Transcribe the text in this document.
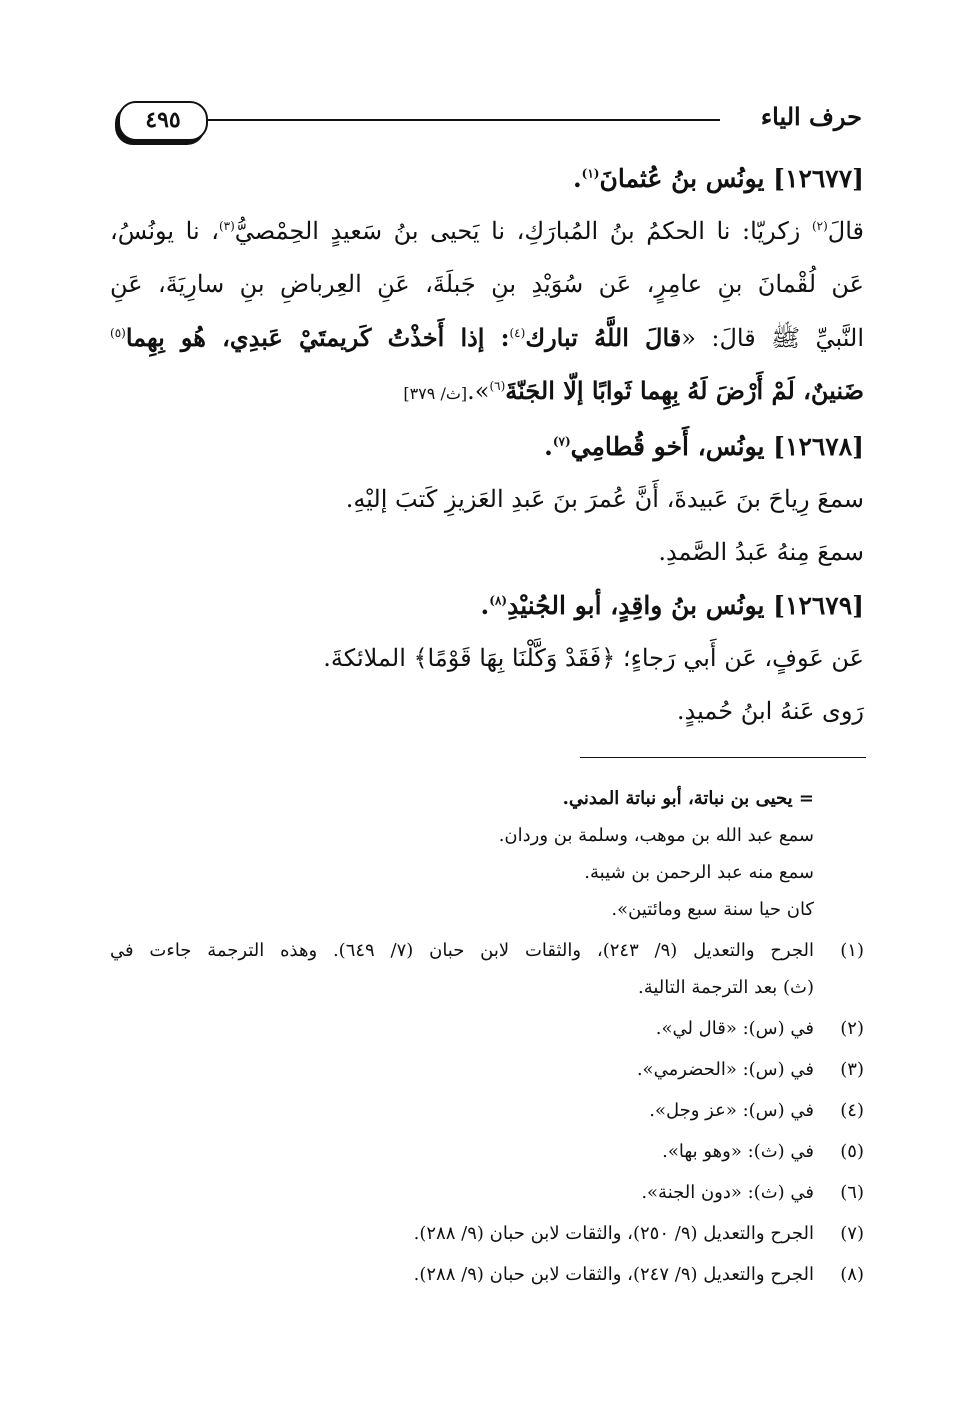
حرف الياء
٤٩٥
[١٢٦٧٧] يونُس بنُ عُثمانَ$^{(١)}$.
قالَ$^{(٢)}$ زكريّا: نا الحكمُ بنُ المُبارَكِ، نا يَحيى بنُ سَعيدٍ الحِمْصيُّ$^{(٣)}$، نا يونُسُ،
عَن لُقْمانَ بنِ عامِرٍ، عَن سُوَيْدِ بنِ جَبلَةَ، عَنِ العِرباضِ بنِ سارِيَةَ، عَنِ
النَّبيِّ ﷺ قالَ: «قالَ اللَّهُ تبارك$^{(٤)}$: إذا أَخذْتُ كَريمتَيْ عَبدِي، هُو بِهِما$^{(٥)}$
ضَنينٌ، لَمْ أَرْضَ لَهُ بِهِما ثَوابًا إلّا الجَنّةَ$^{(٦)}$».[ث/ ٣٧٩]
[١٢٦٧٨] يونُس، أَخو قُطامِي$^{(٧)}$.
سمعَ رِياحَ بنَ عَبيدةَ، أَنَّ عُمرَ بنَ عَبدِ العَزيزِ كَتبَ إليْهِ.
سمعَ مِنهُ عَبدُ الصَّمدِ.
[١٢٦٧٩] يونُس بنُ واقِدٍ، أبو الجُنيْدِ$^{(٨)}$.
عَن عَوفٍ، عَن أَبي رَجاءٍ؛ ﴿فَقَدْ وَكَّلْنَا بِهَا قَوْمًا﴾ الملائكةَ.
رَوى عَنهُ ابنُ حُميدٍ.
= يحيى بن نباتة، أبو نباتة المدني.
سمع عبد الله بن موهب، وسلمة بن وردان.
سمع منه عبد الرحمن بن شيبة.
كان حيا سنة سبع ومائتين».
(١)
الجرح والتعديل (٩/ ٢٤٣)، والثقات لابن حبان (٧/ ٦٤٩). وهذه الترجمة جاءت في
(ث) بعد الترجمة التالية.
(٢)
في (س): «قال لي».
(٣)
في (س): «الحضرمي».
(٤)
في (س): «عز وجل».
(٥)
في (ث): «وهو بها».
(٦)
في (ث): «دون الجنة».
(٧)
الجرح والتعديل (٩/ ٢٥٠)، والثقات لابن حبان (٩/ ٢٨٨).
(٨)
الجرح والتعديل (٩/ ٢٤٧)، والثقات لابن حبان (٩/ ٢٨٨).
